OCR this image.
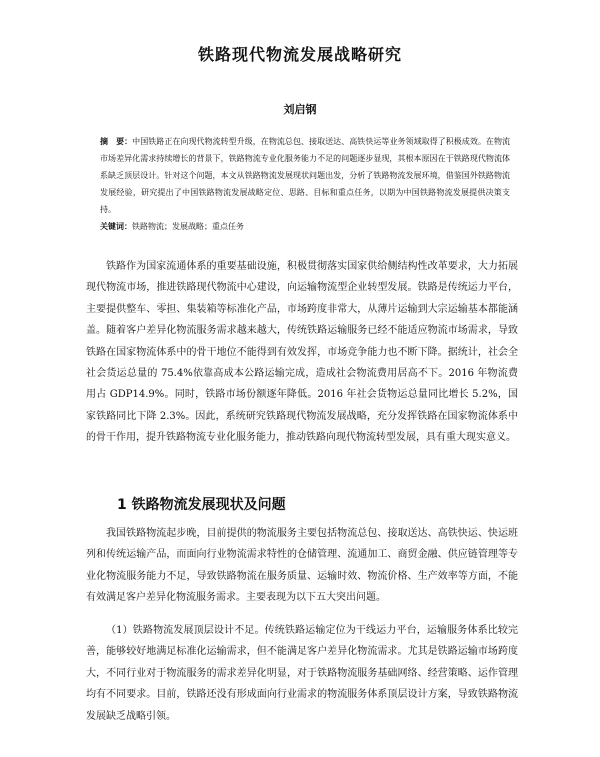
铁路现代物流发展战略研究
刘启钢
摘　要：中国铁路正在向现代物流转型升级，在物流总包、接取送达、高铁快运等业务领域取得了积极成效。在物流市场差异化需求持续增长的背景下，铁路物流专业化服务能力不足的问题逐步显现，其根本原因在于铁路现代物流体系缺乏顶层设计。针对这个问题，本文从铁路物流发展现状问题出发，分析了铁路物流发展环境，借鉴国外铁路物流发展经验，研究提出了中国铁路物流发展战略定位、思路、目标和重点任务，以期为中国铁路物流发展提供决策支持。
关键词：铁路物流；发展战略；重点任务

铁路作为国家流通体系的重要基础设施，积极贯彻落实国家供给侧结构性改革要求，大力拓展现代物流市场，推进铁路现代物流中心建设，向运输物流型企业转型发展。铁路是传统运力平台，主要提供整车、零担、集装箱等标准化产品，市场跨度非常大，从薄片运输到大宗运输基本都能涵盖。随着客户差异化物流服务需求越来越大，传统铁路运输服务已经不能适应物流市场需求，导致铁路在国家物流体系中的骨干地位不能得到有效发挥，市场竞争能力也不断下降。据统计，社会全社会货运总量的 75.4%依靠高成本公路运输完成，造成社会物流费用居高不下。2016 年物流费用占 GDP14.9%。同时，铁路市场份额逐年降低。2016 年社会货物运总量同比增长 5.2%，国家铁路同比下降 2.3%。因此，系统研究铁路现代物流发展战略，充分发挥铁路在国家物流体系中的骨干作用，提升铁路物流专业化服务能力，推动铁路向现代物流转型发展，具有重大现实意义。

1 铁路物流发展现状及问题

我国铁路物流起步晚，目前提供的物流服务主要包括物流总包、接取送达、高铁快运、快运班列和传统运输产品，而面向行业物流需求特性的仓储管理、流通加工、商贸金融、供应链管理等专业化物流服务能力不足，导致铁路物流在服务质量、运输时效、物流价格、生产效率等方面，不能有效满足客户差异化物流服务需求。主要表现为以下五大突出问题。

（1）铁路物流发展顶层设计不足。传统铁路运输定位为干线运力平台，运输服务体系比较完善，能够较好地满足标准化运输需求，但不能满足客户差异化物流需求。尤其是铁路运输市场跨度大，不同行业对于物流服务的需求差异化明显，对于铁路物流服务基础网络、经营策略、运作管理均有不同要求。目前，铁路还没有形成面向行业需求的物流服务体系顶层设计方案，导致铁路物流发展缺乏战略引领。
